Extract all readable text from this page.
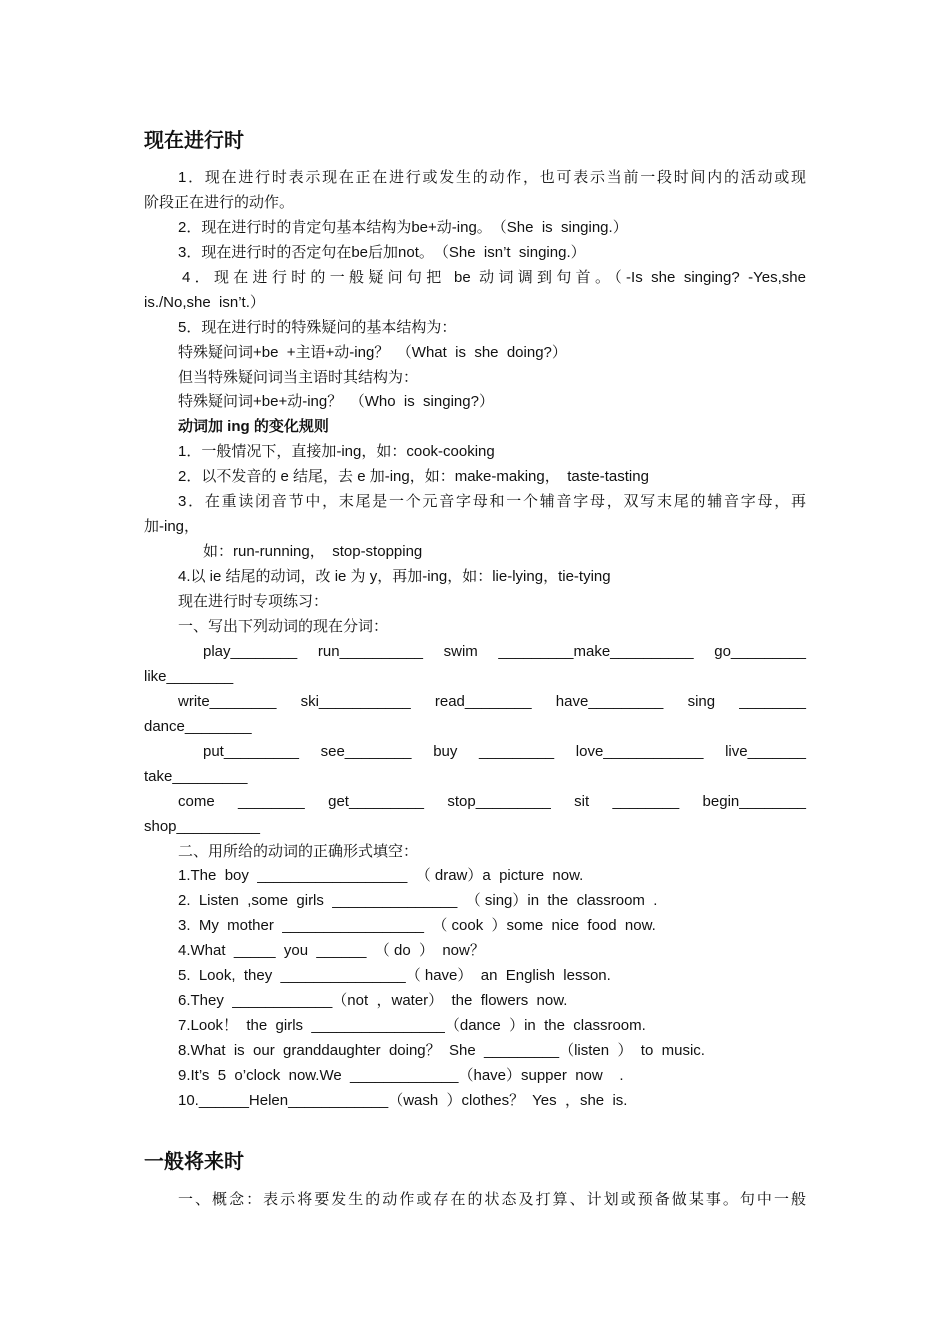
现在进行时
1．现在进行时表示现在正在进行或发生的动作，也可表示当前一段时间内的活动或现
阶段正在进行的动作。
2．现在进行时的肯定句基本结构为be+动-ing。　（She  is  singing.）
3．现在进行时的否定句在be后加not。　（She  isn’t  singing.）
4．现在进行时的一般疑问句把 be 动词调到句首。（-Is she singing? -Yes,she
is./No,she  isn’t.）
5．现在进行时的特殊疑问的基本结构为：
特殊疑问词+be  +主语+动-ing？　（What  is  she  doing?）
但当特殊疑问词当主语时其结构为：
特殊疑问词+be+动-ing？　（Who  is  singing?）
动词加 ing 的变化规则
1．一般情况下，直接加-ing，如：cook-cooking
2．以不发音的 e 结尾，去 e 加-ing，如：make-making，　taste-tasting
3．在重读闭音节中，末尾是一个元音字母和一个辅音字母，双写末尾的辅音字母，再
加-ing，
如：run-running，　stop-stopping
4.以 ie 结尾的动词，改 ie 为 y，再加-ing，如：lie-lying，tie-tying
现在进行时专项练习：
一、写出下列动词的现在分词：
play________ run__________ swim _________make__________ go_________
like________
write________ ski___________ read________ have_________ sing ________
dance________
put_________ see________ buy _________ love____________ live_______
take_________
come ________ get_________ stop_________ sit ________ begin________
shop__________
二、用所给的动词的正确形式填空：
1.The  boy  __________________  （ draw）a  picture  now.
2.  Listen  ,some  girls  _______________  （ sing）in  the  classroom  .
3.  My  mother  _________________  （ cook  ）some  nice  food  now.
4.What  _____  you  ______  （ do  ）  now？
5.  Look,  they  _______________（ have）  an  English  lesson.
6.They  ____________（not  ，water）  the  flowers  now.
7.Look！  the  girls  ________________（dance  ）in  the  classroom.
8.What  is  our  granddaughter  doing？  She  _________（listen  ）  to  music.
9.It’s  5  o’clock  now.We  _____________（have）supper  now    .
10.______Helen____________（wash  ）clothes？  Yes  ，she  is.
一般将来时
一、概念：表示将要发生的动作或存在的状态及打算、计划或预备做某事。句中一般
